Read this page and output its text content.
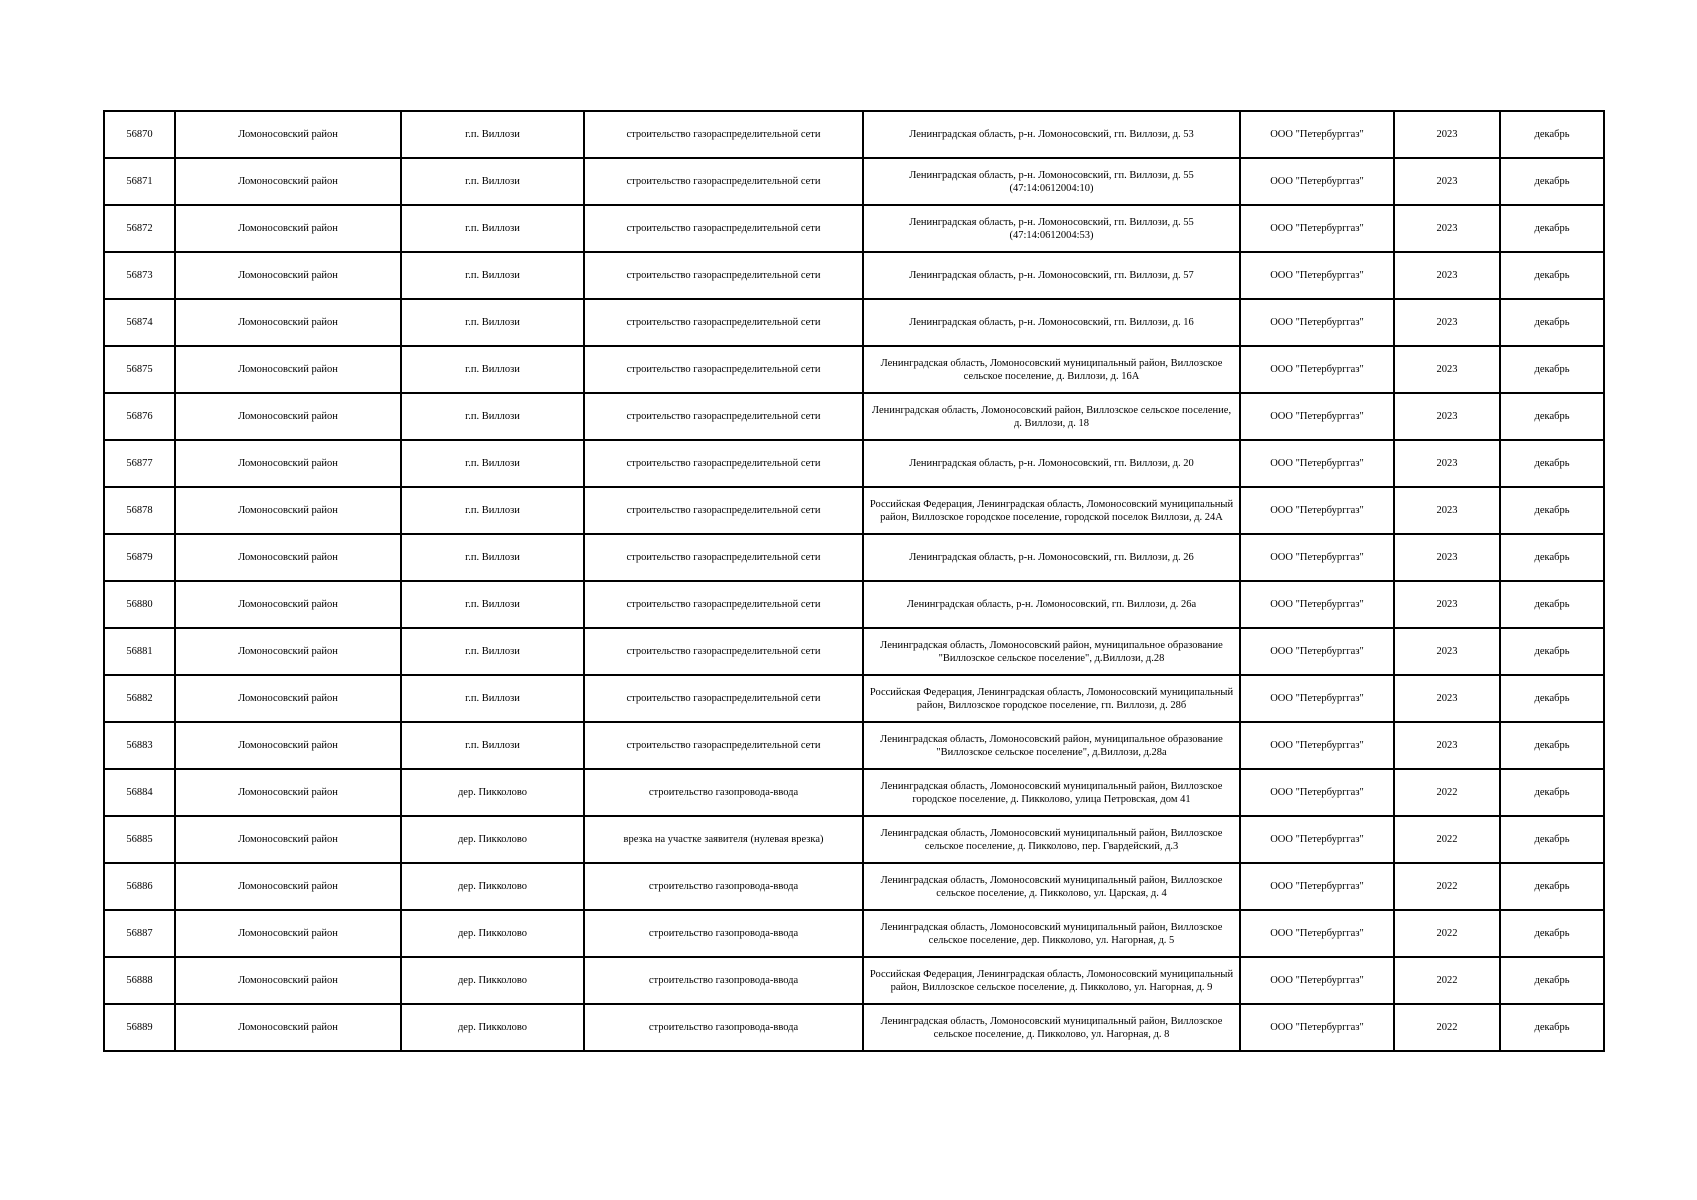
56870	Ломоносовский район	г.п. Виллози	строительство газораспределительной сети	Ленинградская область, р-н. Ломоносовский, гп. Виллози, д. 53	ООО "Петербурггаз"	2023	декабрь
56871	Ломоносовский район	г.п. Виллози	строительство газораспределительной сети	Ленинградская область, р-н. Ломоносовский, гп. Виллози, д. 55 (47:14:0612004:10)	ООО "Петербурггаз"	2023	декабрь
56872	Ломоносовский район	г.п. Виллози	строительство газораспределительной сети	Ленинградская область, р-н. Ломоносовский, гп. Виллози, д. 55 (47:14:0612004:53)	ООО "Петербурггаз"	2023	декабрь
56873	Ломоносовский район	г.п. Виллози	строительство газораспределительной сети	Ленинградская область, р-н. Ломоносовский, гп. Виллози, д. 57	ООО "Петербурггаз"	2023	декабрь
56874	Ломоносовский район	г.п. Виллози	строительство газораспределительной сети	Ленинградская область, р-н. Ломоносовский, гп. Виллози, д. 16	ООО "Петербурггаз"	2023	декабрь
56875	Ломоносовский район	г.п. Виллози	строительство газораспределительной сети	Ленинградская область, Ломоносовский муниципальный район, Виллозское сельское поселение, д. Виллози, д. 16А	ООО "Петербурггаз"	2023	декабрь
56876	Ломоносовский район	г.п. Виллози	строительство газораспределительной сети	Ленинградская область, Ломоносовский район, Виллозское сельское поселение, д. Виллози, д. 18	ООО "Петербурггаз"	2023	декабрь
56877	Ломоносовский район	г.п. Виллози	строительство газораспределительной сети	Ленинградская область, р-н. Ломоносовский, гп. Виллози, д. 20	ООО "Петербурггаз"	2023	декабрь
56878	Ломоносовский район	г.п. Виллози	строительство газораспределительной сети	Российская Федерация, Ленинградская область, Ломоносовский муниципальный район, Виллозское городское поселение, городской поселок Виллози, д. 24А	ООО "Петербурггаз"	2023	декабрь
56879	Ломоносовский район	г.п. Виллози	строительство газораспределительной сети	Ленинградская область, р-н. Ломоносовский, гп. Виллози, д. 26	ООО "Петербурггаз"	2023	декабрь
56880	Ломоносовский район	г.п. Виллози	строительство газораспределительной сети	Ленинградская область, р-н. Ломоносовский, гп. Виллози, д. 26а	ООО "Петербурггаз"	2023	декабрь
56881	Ломоносовский район	г.п. Виллози	строительство газораспределительной сети	Ленинградская область, Ломоносовский район, муниципальное образование "Виллозское сельское поселение", д.Виллози, д.28	ООО "Петербурггаз"	2023	декабрь
56882	Ломоносовский район	г.п. Виллози	строительство газораспределительной сети	Российская Федерация, Ленинградская область, Ломоносовский муниципальный район, Виллозское городское поселение, гп. Виллози, д. 28б	ООО "Петербурггаз"	2023	декабрь
56883	Ломоносовский район	г.п. Виллози	строительство газораспределительной сети	Ленинградская область, Ломоносовский район, муниципальное образование "Виллозское сельское поселение", д.Виллози, д.28а	ООО "Петербурггаз"	2023	декабрь
56884	Ломоносовский район	дер. Пикколово	строительство газопровода-ввода	Ленинградская область, Ломоносовский муниципальный район, Виллозское городское поселение, д. Пикколово, улица Петровская, дом 41	ООО "Петербурггаз"	2022	декабрь
56885	Ломоносовский район	дер. Пикколово	врезка на участке заявителя (нулевая врезка)	Ленинградская область, Ломоносовский муниципальный район, Виллозское сельское поселение, д. Пикколово, пер. Гвардейский, д.3	ООО "Петербурггаз"	2022	декабрь
56886	Ломоносовский район	дер. Пикколово	строительство газопровода-ввода	Ленинградская область, Ломоносовский муниципальный район, Виллозское сельское поселение, д. Пикколово, ул. Царская, д. 4	ООО "Петербурггаз"	2022	декабрь
56887	Ломоносовский район	дер. Пикколово	строительство газопровода-ввода	Ленинградская область, Ломоносовский муниципальный район, Виллозское сельское поселение, дер. Пикколово, ул. Нагорная, д. 5	ООО "Петербурггаз"	2022	декабрь
56888	Ломоносовский район	дер. Пикколово	строительство газопровода-ввода	Российская Федерация, Ленинградская область, Ломоносовский муниципальный район, Виллозское сельское поселение, д. Пикколово, ул. Нагорная, д. 9	ООО "Петербурггаз"	2022	декабрь
56889	Ломоносовский район	дер. Пикколово	строительство газопровода-ввода	Ленинградская область, Ломоносовский муниципальный район, Виллозское сельское поселение, д. Пикколово, ул. Нагорная, д. 8	ООО "Петербурггаз"	2022	декабрь
